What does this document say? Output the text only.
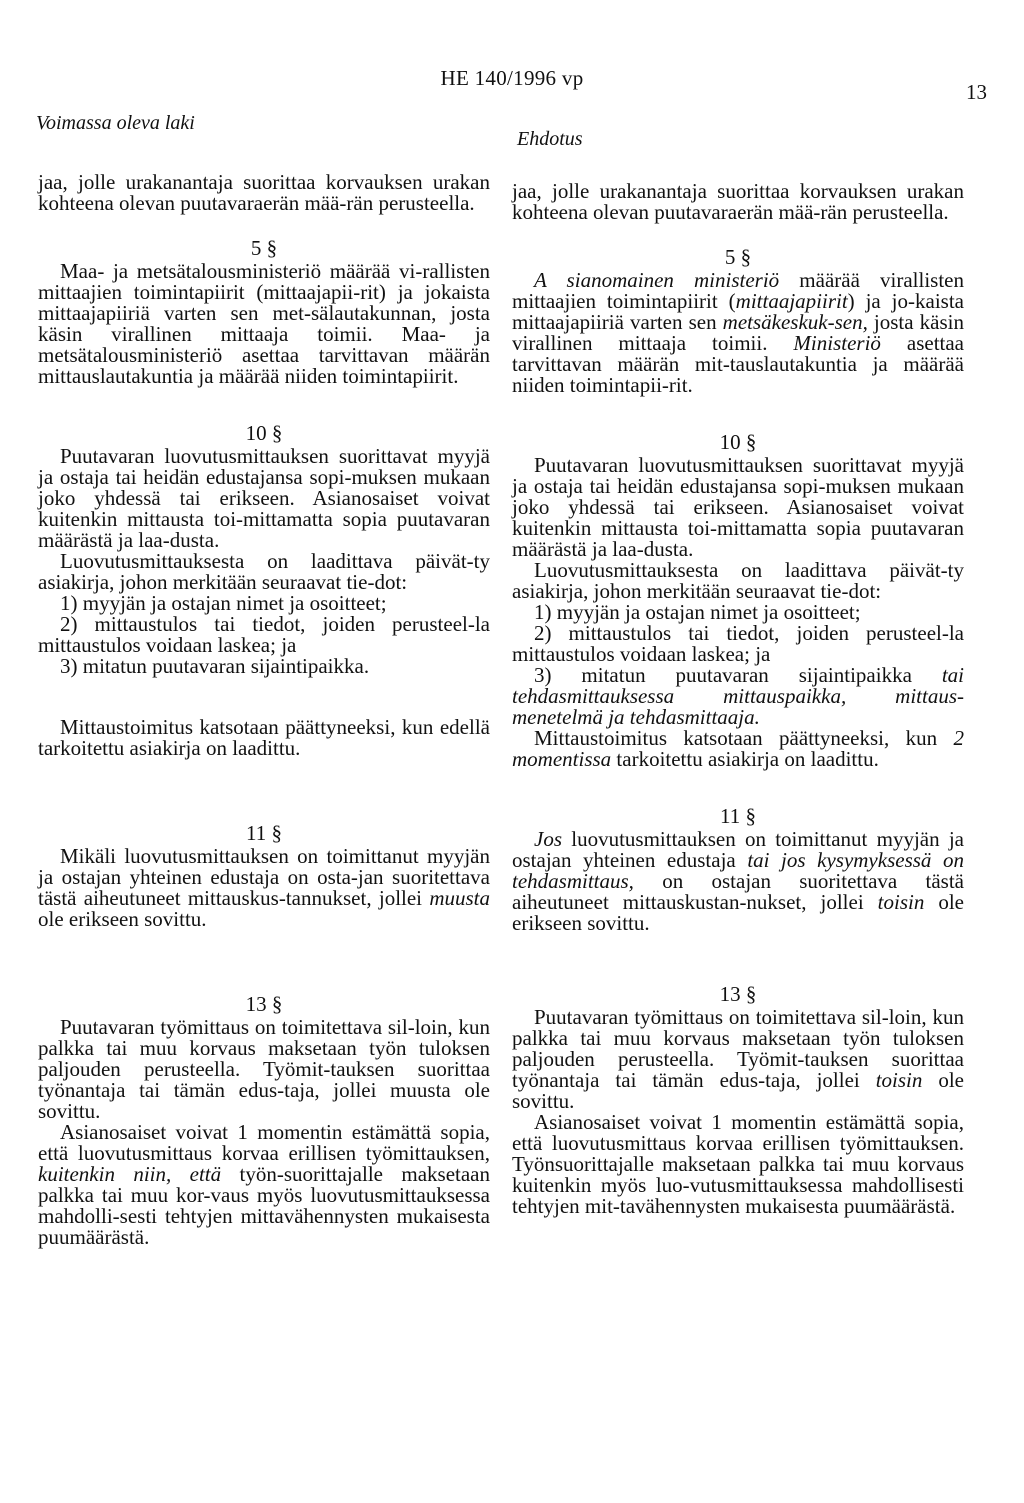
HE 140/1996 vp
13
Voimassa oleva laki
Ehdotus

jaa, jolle urakanantaja suorittaa korvauksen urakan kohteena olevan puutavaraerän mää-rän perusteella.

5 §

Maa- ja metsätalousministeriö määrää vi-rallisten mittaajien toimintapiirit (mittaajapii-rit) ja jokaista mittaajapiiriä varten sen met-sälautakunnan, josta käsin virallinen mittaaja toimii. Maa- ja metsätalousministeriö asettaa tarvittavan määrän mittauslautakuntia ja määrää niiden toimintapiirit.

10 §

Puutavaran luovutusmittauksen suorittavat myyjä ja ostaja tai heidän edustajansa sopi-muksen mukaan joko yhdessä tai erikseen. Asianosaiset voivat kuitenkin mittausta toi-mittamatta sopia puutavaran määrästä ja laa-dusta.

Luovutusmittauksesta on laadittava päivät-ty asiakirja, johon merkitään seuraavat tie-dot:

1) myyjän ja ostajan nimet ja osoitteet;

2) mittaustulos tai tiedot, joiden perusteel-la mittaustulos voidaan laskea; ja

3) mitatun puutavaran sijaintipaikka.

Mittaustoimitus katsotaan päättyneeksi, kun edellä tarkoitettu asiakirja on laadittu.

11 §

Mikäli luovutusmittauksen on toimittanut myyjän ja ostajan yhteinen edustaja on osta-jan suoritettava tästä aiheutuneet mittauskus-tannukset, jollei muusta ole erikseen sovittu.

13 §

Puutavaran työmittaus on toimitettava sil-loin, kun palkka tai muu korvaus maksetaan työn tuloksen paljouden perusteella. Työmit-tauksen suorittaa työnantaja tai tämän edus-taja, jollei muusta ole sovittu.

Asianosaiset voivat 1 momentin estämättä sopia, että luovutusmittaus korvaa erillisen työmittauksen, kuitenkin niin, että työn-suorittajalle maksetaan palkka tai muu kor-vaus myös luovutusmittauksessa mahdolli-sesti tehtyjen mittavähennysten mukaisesta puumäärästä.

jaa, jolle urakanantaja suorittaa korvauksen urakan kohteena olevan puutavaraerän mää-rän perusteella.

5 §

A sianomainen ministeriö määrää virallisten mittaajien toimintapiirit (mittaajapiirit) ja jo-kaista mittaajapiiriä varten sen metsäkeskuk-sen, josta käsin virallinen mittaaja toimii. Ministeriö asettaa tarvittavan määrän mit-tauslautakuntia ja määrää niiden toimintapii-rit.

10 §

Puutavaran luovutusmittauksen suorittavat myyjä ja ostaja tai heidän edustajansa sopi-muksen mukaan joko yhdessä tai erikseen. Asianosaiset voivat kuitenkin mittausta toi-mittamatta sopia puutavaran määrästä ja laa-dusta.

Luovutusmittauksesta on laadittava päivät-ty asiakirja, johon merkitään seuraavat tie-dot:

1) myyjän ja ostajan nimet ja osoitteet;

2) mittaustulos tai tiedot, joiden perusteel-la mittaustulos voidaan laskea; ja

3) mitatun puutavaran sijaintipaikka tai tehdasmittauksessa mittauspaikka, mittaus-menetelmä ja tehdasmittaaja.

Mittaustoimitus katsotaan päättyneeksi, kun 2 momentissa tarkoitettu asiakirja on laadittu.

11 §

Jos luovutusmittauksen on toimittanut myyjän ja ostajan yhteinen edustaja tai jos kysymyksessä on tehdasmittaus, on ostajan suoritettava tästä aiheutuneet mittauskustan-nukset, jollei toisin ole erikseen sovittu.

13 §

Puutavaran työmittaus on toimitettava sil-loin, kun palkka tai muu korvaus maksetaan työn tuloksen paljouden perusteella. Työmit-tauksen suorittaa työnantaja tai tämän edus-taja, jollei toisin ole sovittu.

Asianosaiset voivat 1 momentin estämättä sopia, että luovutusmittaus korvaa erillisen työmittauksen. Työnsuorittajalle maksetaan palkka tai muu korvaus kuitenkin myös luo-vutusmittauksessa mahdollisesti tehtyjen mit-tavähennysten mukaisesta puumäärästä.
